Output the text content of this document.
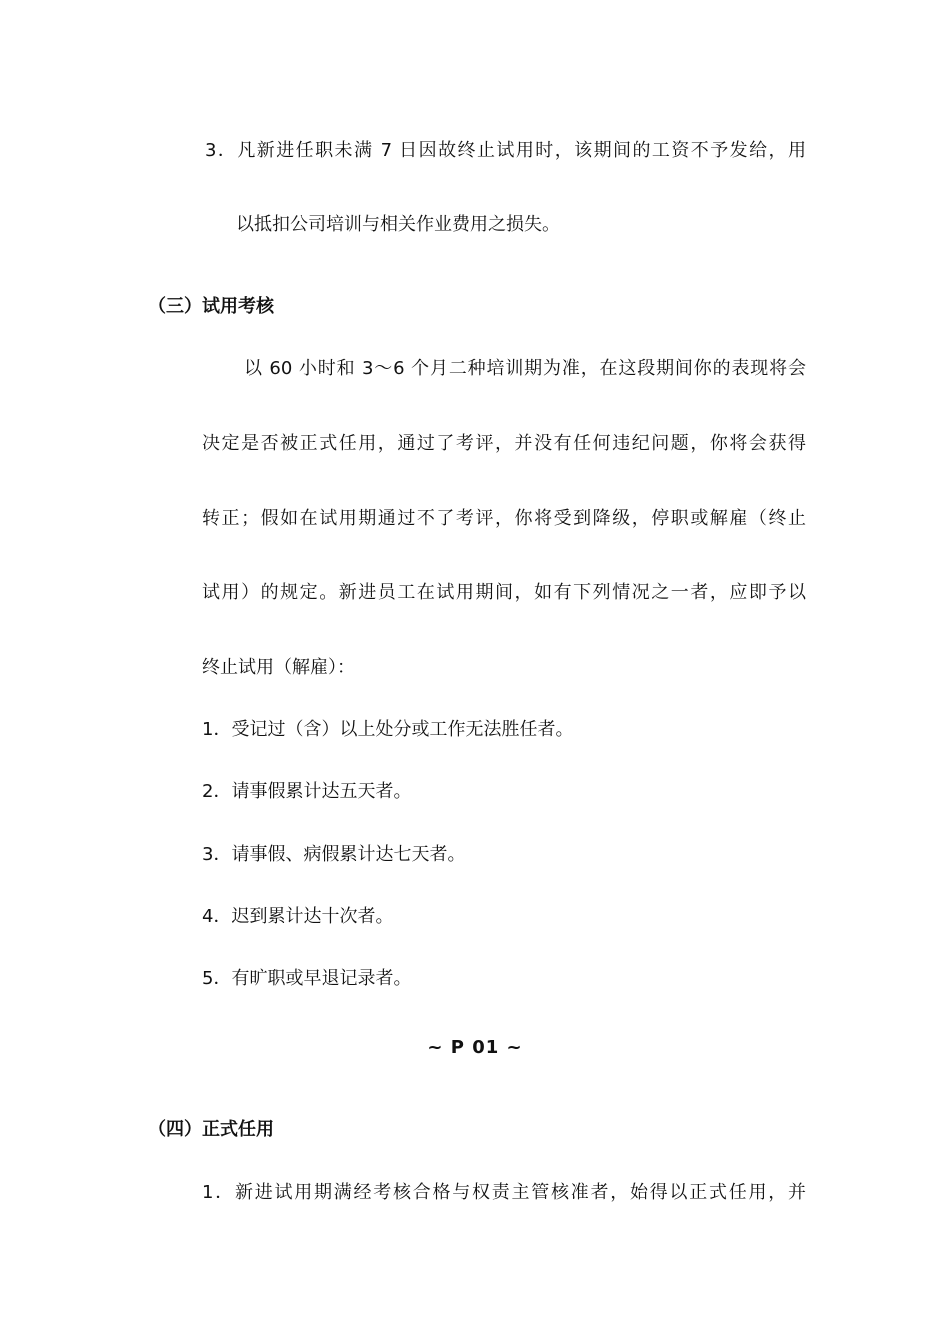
3．凡新进任职未满 7 日因故终止试用时，该期间的工资不予发给，用
以抵扣公司培训与相关作业费用之损失。
（三）试用考核
以 60 小时和 3～6 个月二种培训期为准，在这段期间你的表现将会
决定是否被正式任用，通过了考评，并没有任何违纪问题，你将会获得
转正；假如在试用期通过不了考评，你将受到降级，停职或解雇（终止
试用）的规定。新进员工在试用期间，如有下列情况之一者，应即予以
终止试用（解雇）：
1．受记过（含）以上处分或工作无法胜任者。
2．请事假累计达五天者。
3．请事假、病假累计达七天者。
4．迟到累计达十次者。
5．有旷职或早退记录者。
~ P 01 ~
（四）正式任用
1．新进试用期满经考核合格与权责主管核准者，始得以正式任用，并
